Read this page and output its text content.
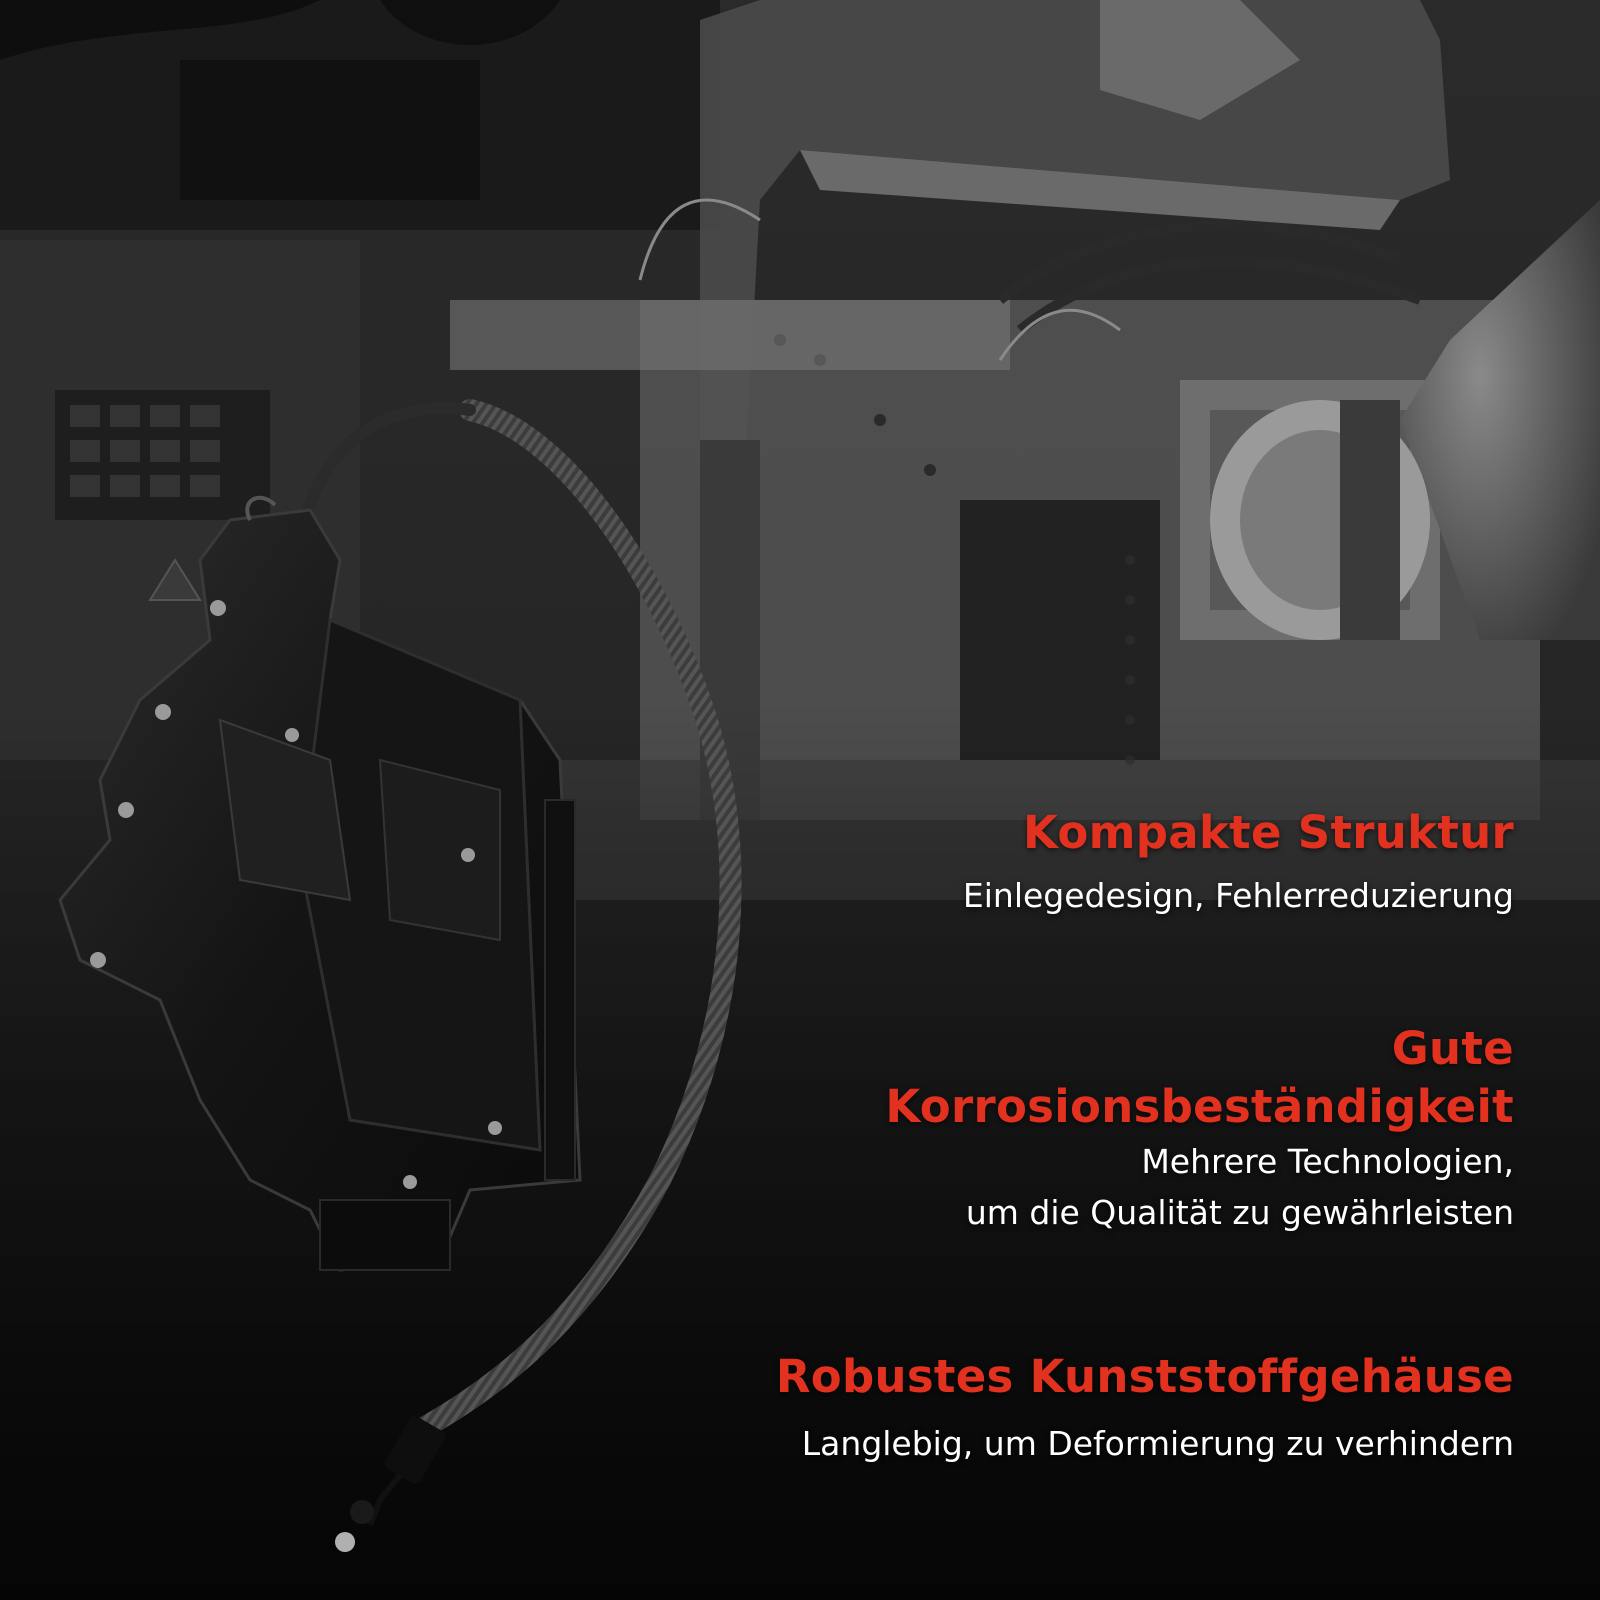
Kompakte Struktur
Einlegedesign, Fehlerreduzierung
Gute
Korrosionsbeständigkeit
Mehrere Technologien,
um die Qualität zu gewährleisten
Robustes Kunststoffgehäuse
Langlebig, um Deformierung zu verhindern
